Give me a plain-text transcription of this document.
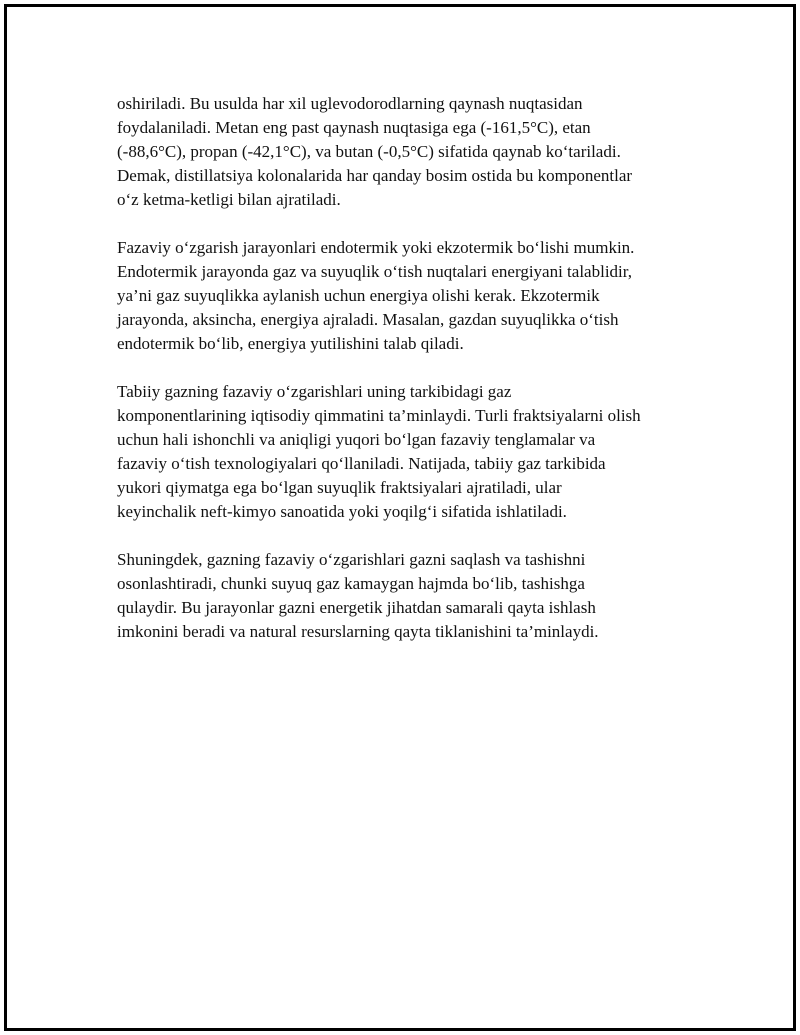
oshiriladi. Bu usulda har xil uglevodorodlarning qaynash nuqtasidan
foydalaniladi. Metan eng past qaynash nuqtasiga ega (-161,5°C), etan
(-88,6°C), propan (-42,1°C), va butan (-0,5°C) sifatida qaynab ko‘tariladi.
Demak, distillatsiya kolonalarida har qanday bosim ostida bu komponentlar
o‘z ketma-ketligi bilan ajratiladi.

Fazaviy o‘zgarish jarayonlari endotermik yoki ekzotermik bo‘lishi mumkin.
Endotermik jarayonda gaz va suyuqlik o‘tish nuqtalari energiyani talablidir,
ya’ni gaz suyuqlikka aylanish uchun energiya olishi kerak. Ekzotermik
jarayonda, aksincha, energiya ajraladi. Masalan, gazdan suyuqlikka o‘tish
endotermik bo‘lib, energiya yutilishini talab qiladi.

Tabiiy gazning fazaviy o‘zgarishlari uning tarkibidagi gaz
komponentlarining iqtisodiy qimmatini ta’minlaydi. Turli fraktsiyalarni olish
uchun hali ishonchli va aniqligi yuqori bo‘lgan fazaviy tenglamalar va
fazaviy o‘tish texnologiyalari qo‘llaniladi. Natijada, tabiiy gaz tarkibida
yukori qiymatga ega bo‘lgan suyuqlik fraktsiyalari ajratiladi, ular
keyinchalik neft-kimyo sanoatida yoki yoqilg‘i sifatida ishlatiladi.

Shuningdek, gazning fazaviy o‘zgarishlari gazni saqlash va tashishni
osonlashtiradi, chunki suyuq gaz kamaygan hajmda bo‘lib, tashishga
qulaydir. Bu jarayonlar gazni energetik jihatdan samarali qayta ishlash
imkonini beradi va natural resurslarning qayta tiklanishini ta’minlaydi.
